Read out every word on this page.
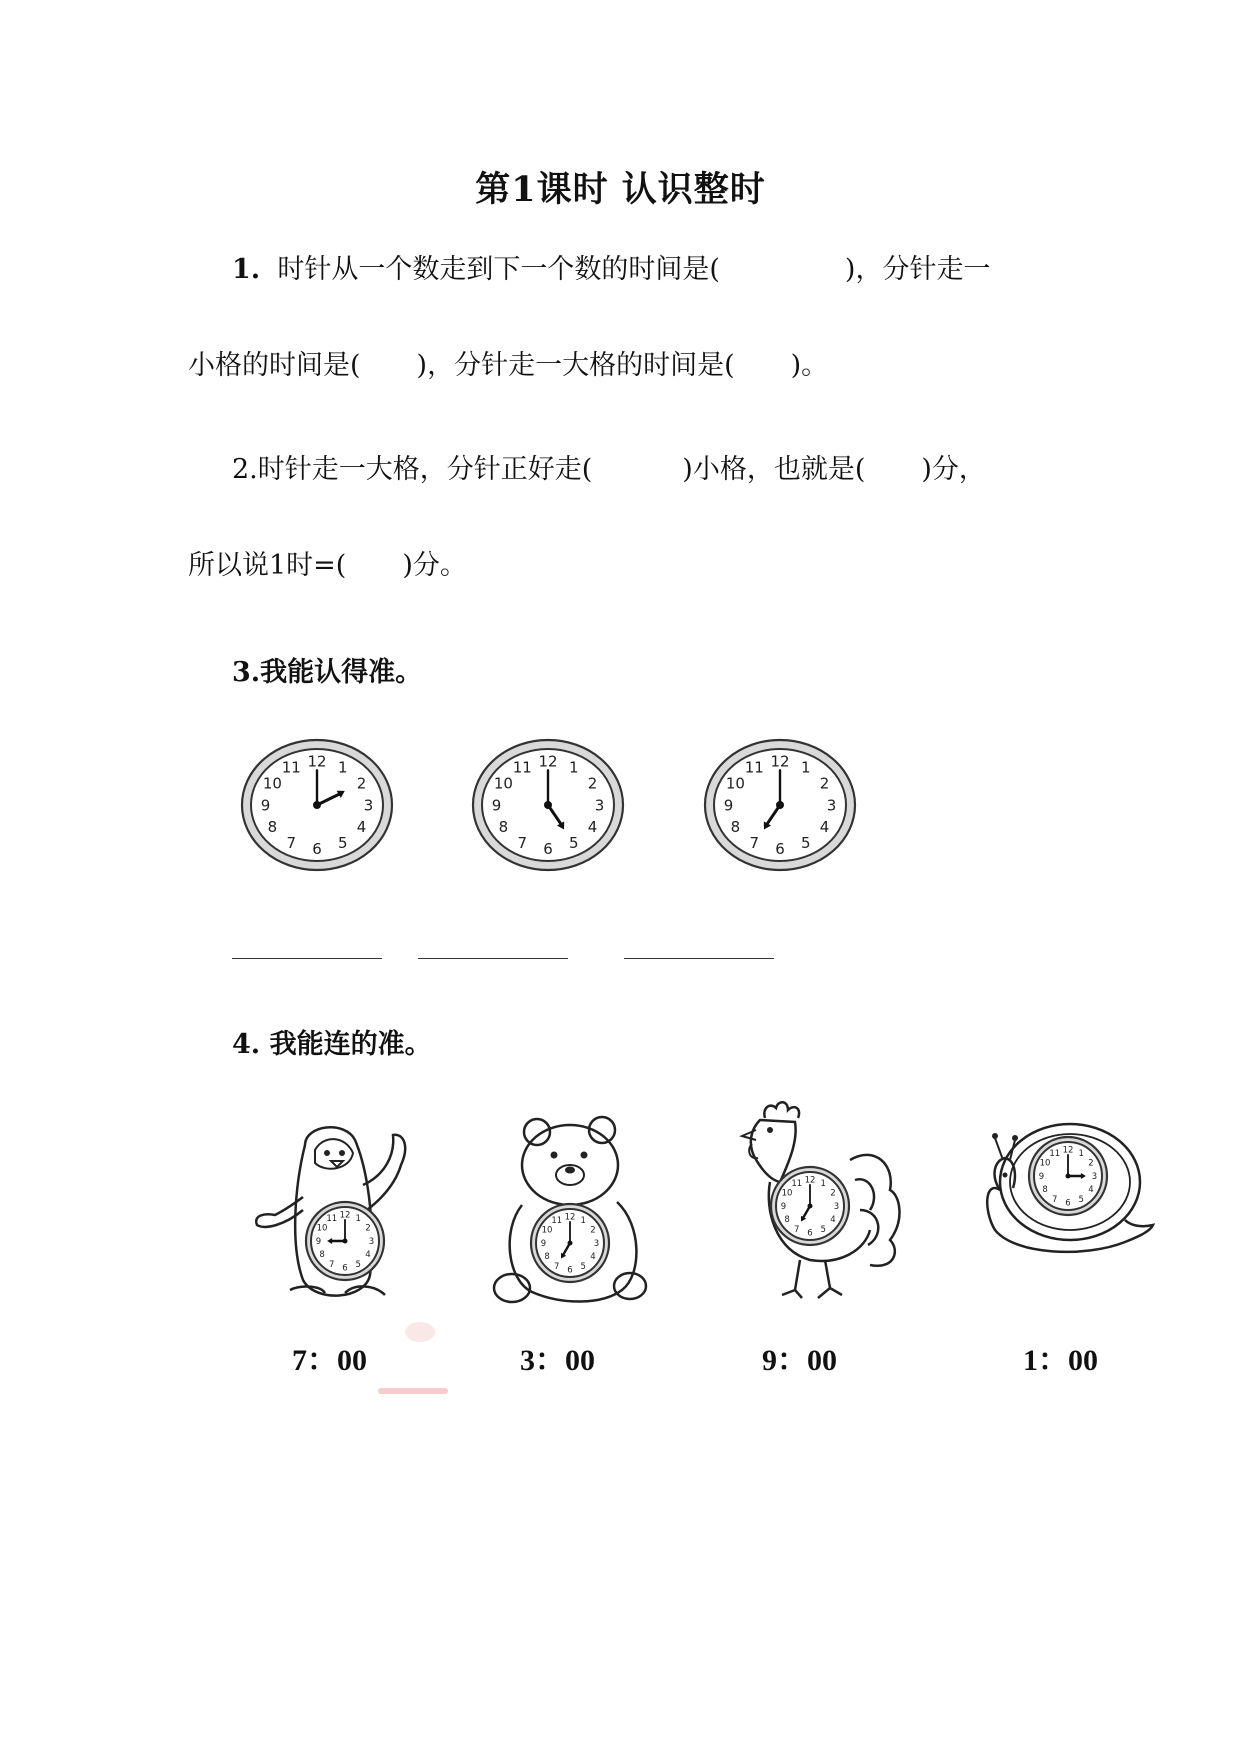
第1课时 认识整时
1. 时针从一个数走到下一个数的时间是(	)，分针走一
小格的时间是( )，分针走一大格的时间是( )。
2.时针走一大格，分针正好走(	)小格，也就是( )分，
所以说1时=( )分。
3.我能认得准。
12 1
2
3
4
5
6
7
8
9
10
11	12 1
2
3
4
5
6
7
8
9
10
11	12 1
2
3
4
5
6
7
8
9
10
11
4. 我能连的准。
12 1
2
3
4
5
6
7
8
9
10
11	12 1
2
3
4
5
6
7
8
9
10
11
12 1
2
3
4
5
6
7
8
9
10
11
12 1
2
3
4
5
6
7
8
9
10
11
7：00	3：00	9：00	1：00
